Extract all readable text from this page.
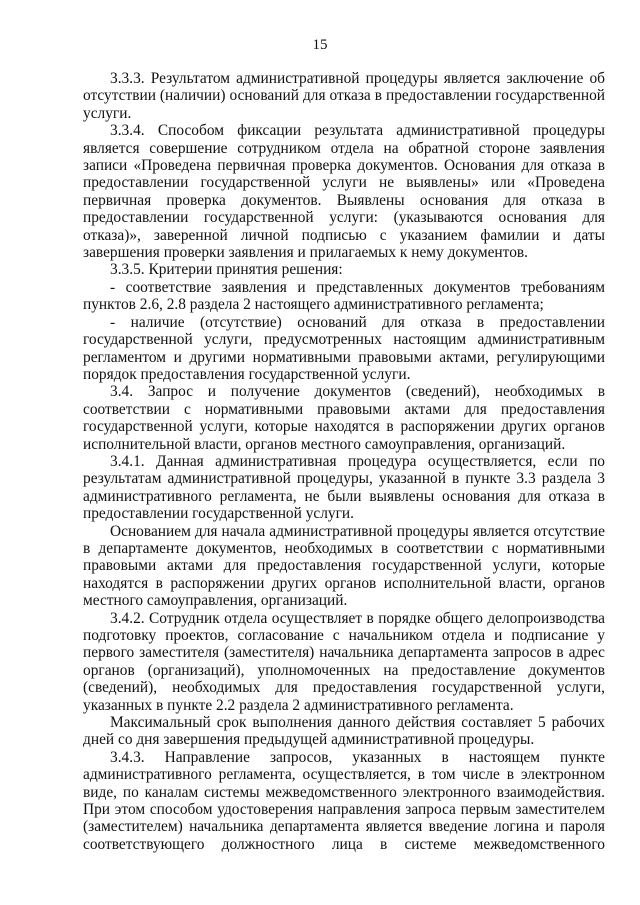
15

3.3.3. Результатом административной процедуры является заключение об отсутствии (наличии) оснований для отказа в предоставлении государственной услуги.

3.3.4. Способом фиксации результата административной процедуры является совершение сотрудником отдела на обратной стороне заявления записи «Проведена первичная проверка документов. Основания для отказа в предоставлении государственной услуги не выявлены» или «Проведена первичная проверка документов. Выявлены основания для отказа в предоставлении государственной услуги: (указываются основания для отказа)», заверенной личной подписью с указанием фамилии и даты завершения проверки заявления и прилагаемых к нему документов.

3.3.5. Критерии принятия решения:

- соответствие заявления и представленных документов требованиям пунктов 2.6, 2.8 раздела 2 настоящего административного регламента;

- наличие (отсутствие) оснований для отказа в предоставлении государственной услуги, предусмотренных настоящим административным регламентом и другими нормативными правовыми актами, регулирующими порядок предоставления государственной услуги.

3.4. Запрос и получение документов (сведений), необходимых в соответствии с нормативными правовыми актами для предоставления государственной услуги, которые находятся в распоряжении других органов исполнительной власти, органов местного самоуправления, организаций.

3.4.1. Данная административная процедура осуществляется, если по результатам административной процедуры, указанной в пункте 3.3 раздела 3 административного регламента, не были выявлены основания для отказа в предоставлении государственной услуги.

Основанием для начала административной процедуры является отсутствие в департаменте документов, необходимых в соответствии с нормативными правовыми актами для предоставления государственной услуги, которые находятся в распоряжении других органов исполнительной власти, органов местного самоуправления, организаций.

3.4.2. Сотрудник отдела осуществляет в порядке общего делопроизводства подготовку проектов, согласование с начальником отдела и подписание у первого заместителя (заместителя) начальника департамента запросов в адрес органов (организаций), уполномоченных на предоставление документов (сведений), необходимых для предоставления государственной услуги, указанных в пункте 2.2 раздела 2 административного регламента.

Максимальный срок выполнения данного действия составляет 5 рабочих дней со дня завершения предыдущей административной процедуры.

3.4.3. Направление запросов, указанных в настоящем пункте административного регламента, осуществляется, в том числе в электронном виде, по каналам системы межведомственного электронного взаимодействия. При этом способом удостоверения направления запроса первым заместителем (заместителем) начальника департамента является введение логина и пароля соответствующего должностного лица в системе межведомственного
